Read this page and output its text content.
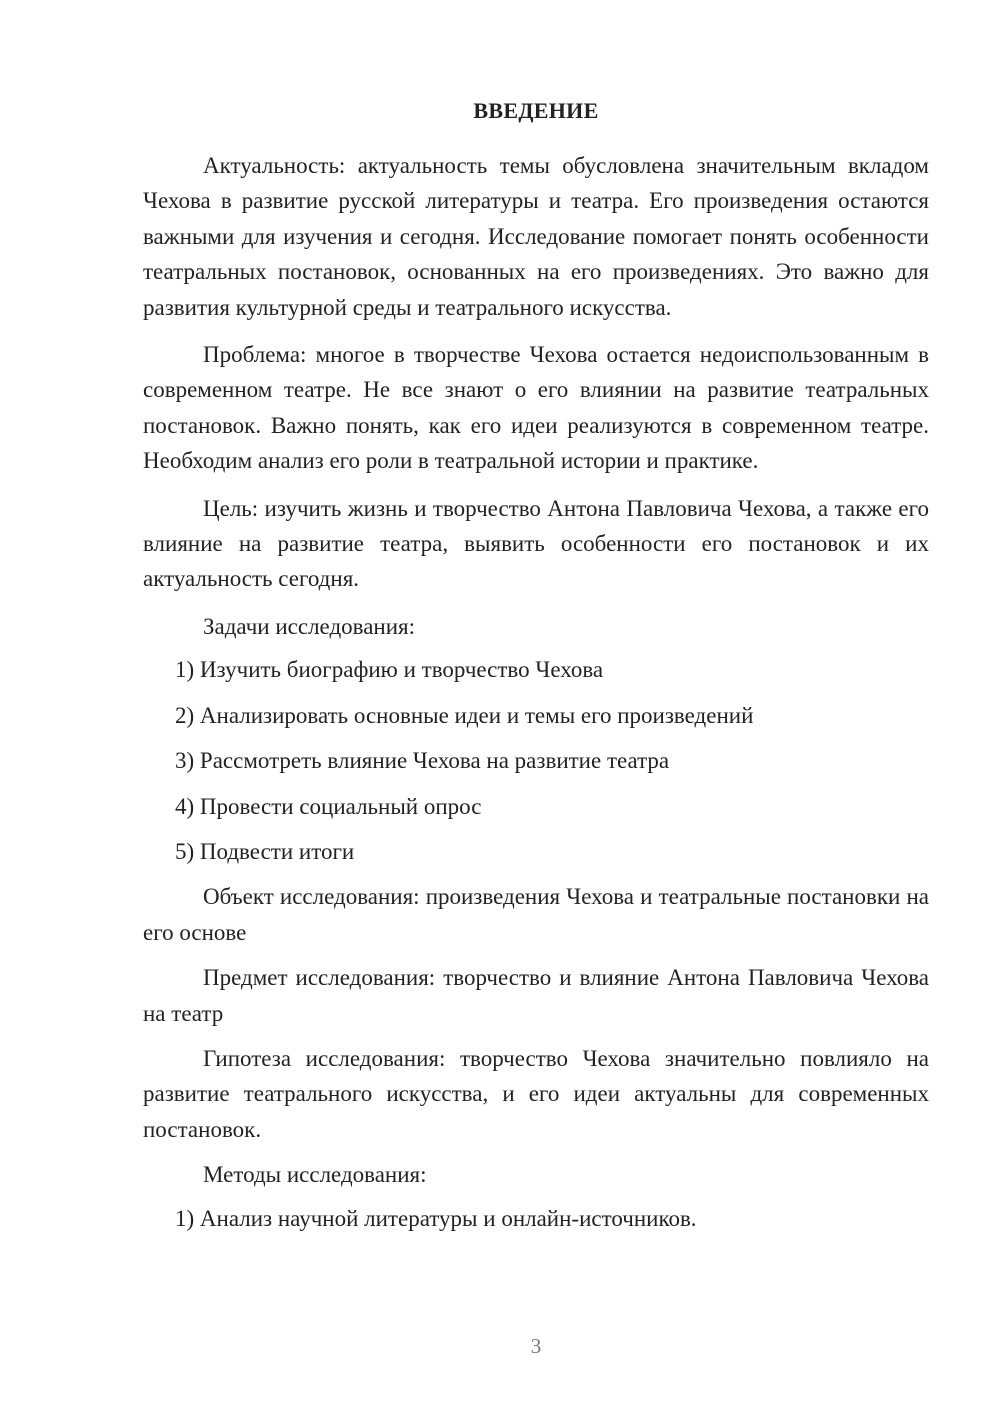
ВВЕДЕНИЕ

Актуальность: актуальность темы обусловлена значительным вкладом Чехова в развитие русской литературы и театра. Его произведения остаются важными для изучения и сегодня. Исследование помогает понять особенности театральных постановок, основанных на его произведениях. Это важно для развития культурной среды и театрального искусства.

Проблема: многое в творчестве Чехова остается недоиспользованным в современном театре. Не все знают о его влиянии на развитие театральных постановок. Важно понять, как его идеи реализуются в современном театре. Необходим анализ его роли в театральной истории и практике.

Цель: изучить жизнь и творчество Антона Павловича Чехова, а также его влияние на развитие театра, выявить особенности его постановок и их актуальность сегодня.

Задачи исследования:

1) Изучить биографию и творчество Чехова
2) Анализировать основные идеи и темы его произведений
3) Рассмотреть влияние Чехова на развитие театра
4) Провести социальный опрос
5) Подвести итоги

Объект исследования: произведения Чехова и театральные постановки на его основе

Предмет исследования: творчество и влияние Антона Павловича Чехова на театр

Гипотеза исследования: творчество Чехова значительно повлияло на развитие театрального искусства, и его идеи актуальны для современных постановок.

Методы исследования:

1) Анализ научной литературы и онлайн-источников.
3
